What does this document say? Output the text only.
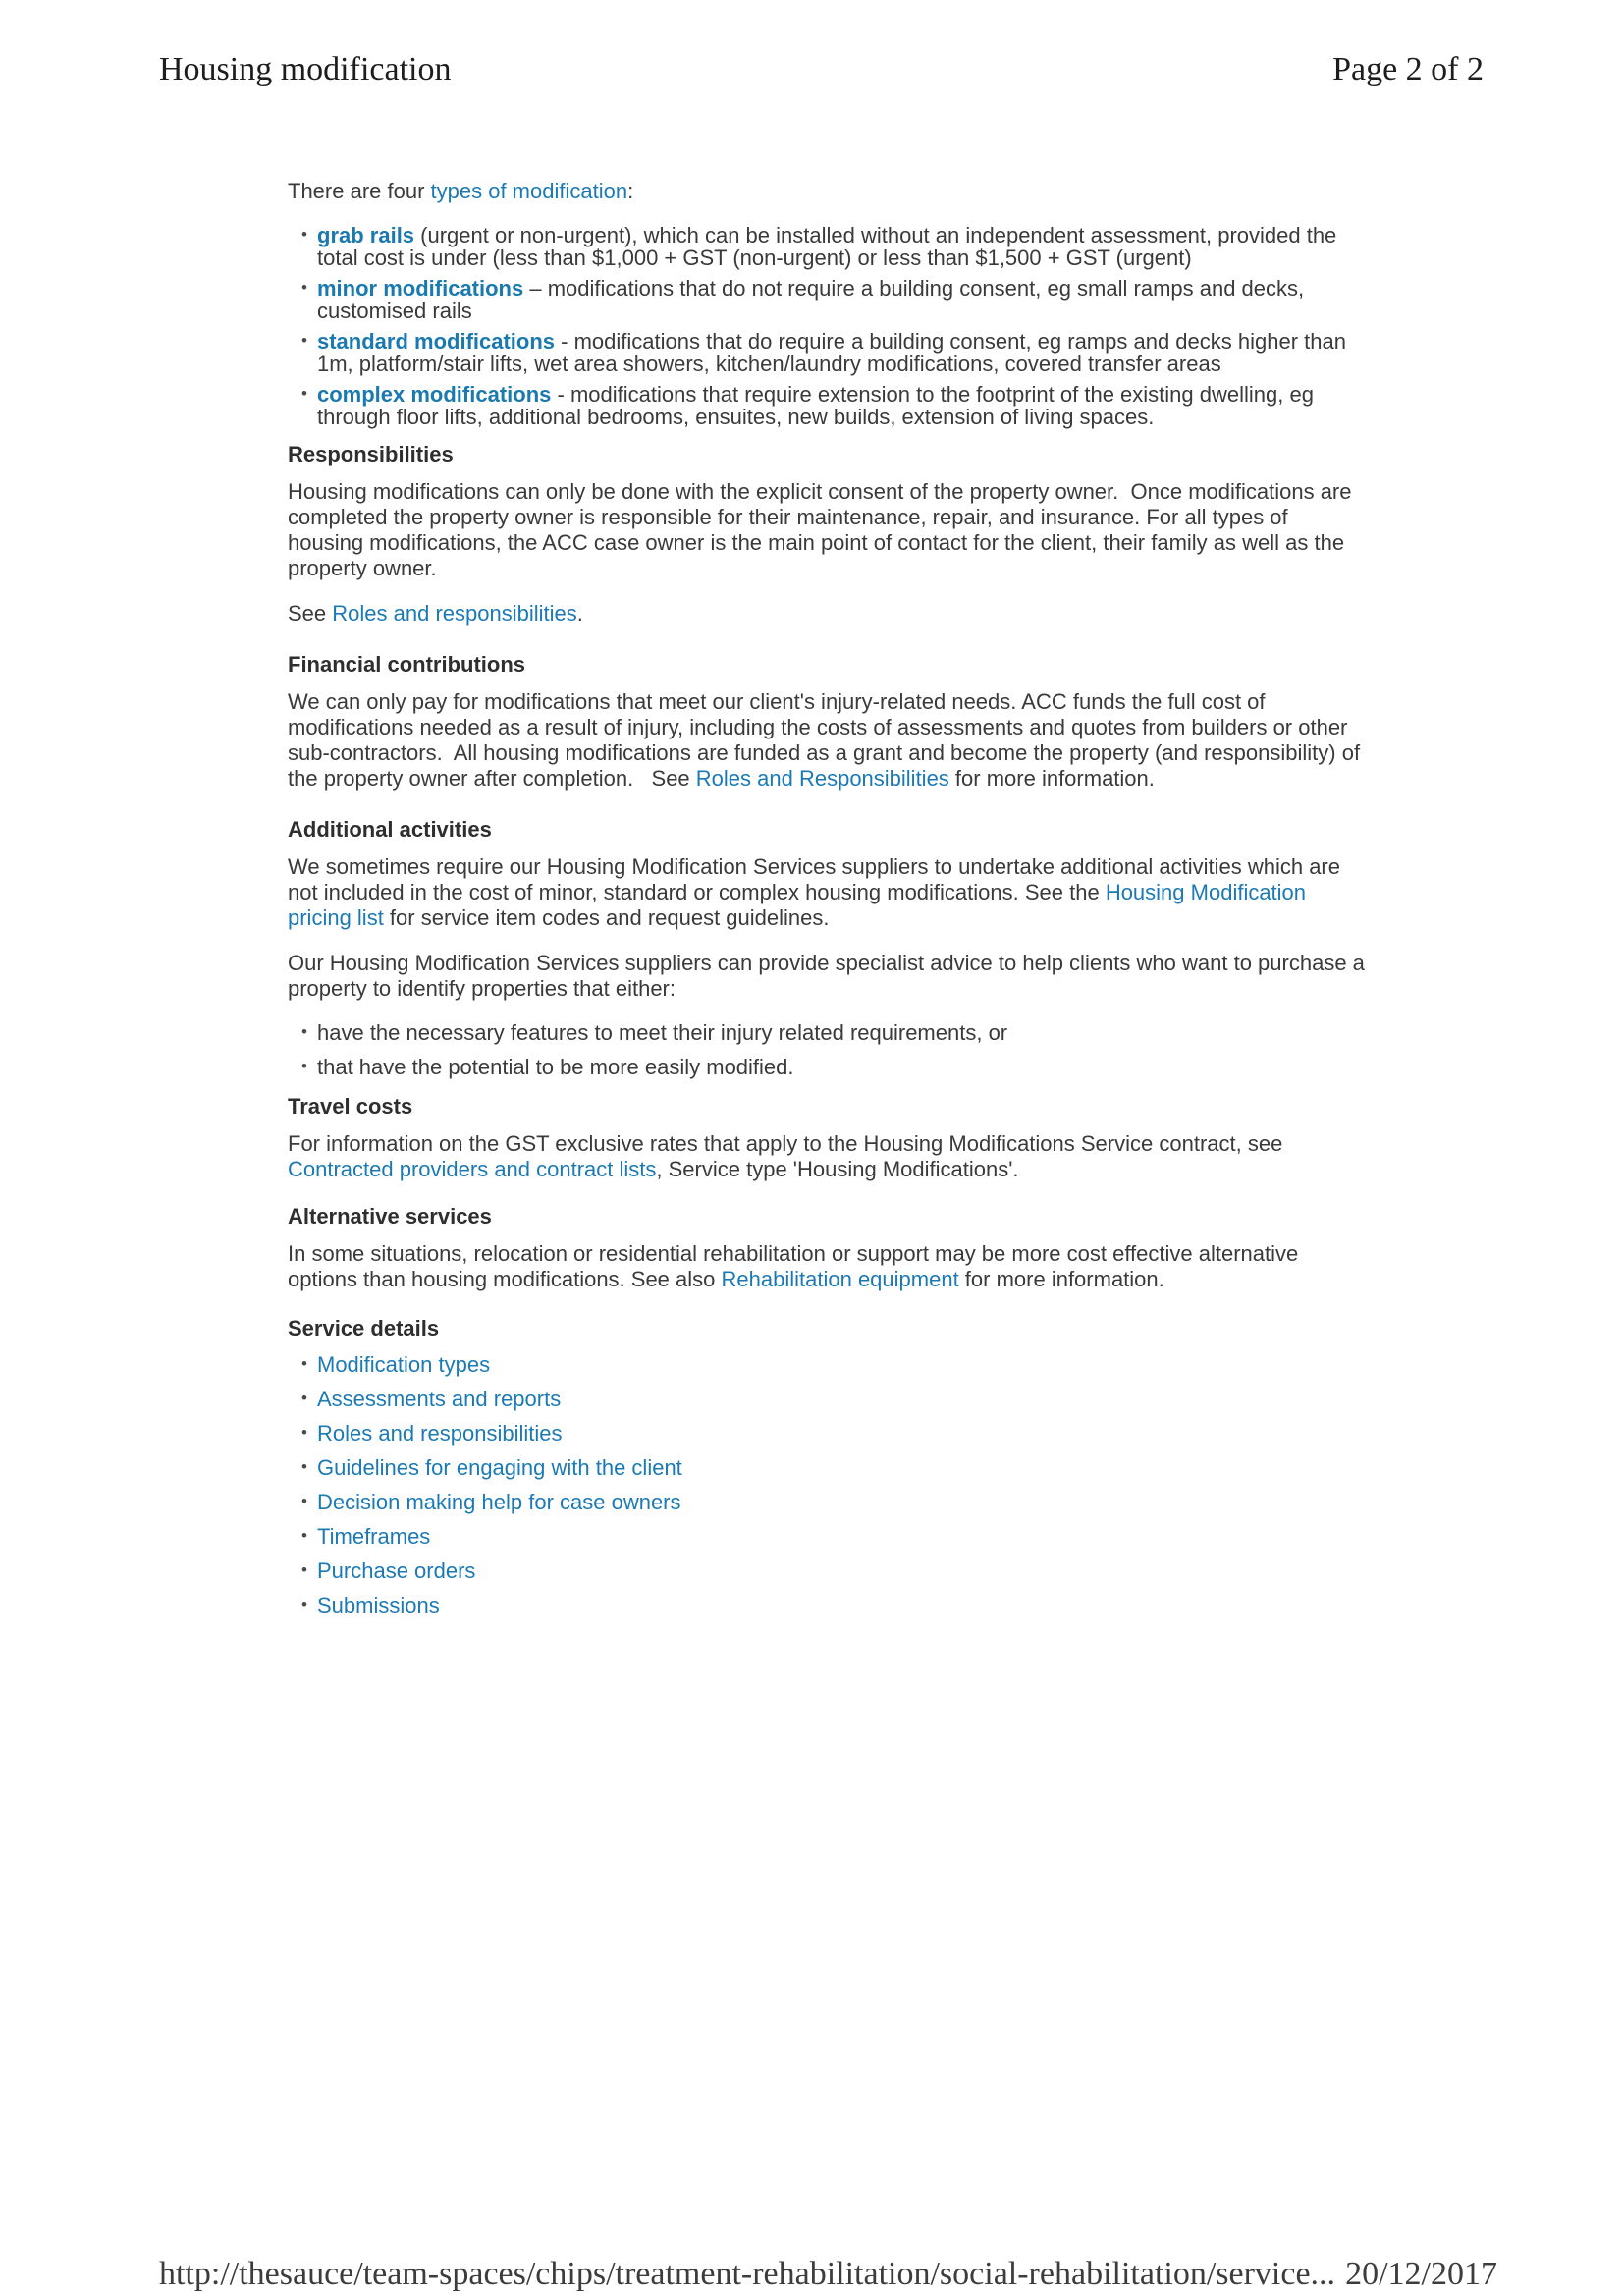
Housing modification	Page 2 of 2

There are four types of modification:

• grab rails (urgent or non-urgent), which can be installed without an independent assessment, provided the total cost is under (less than $1,000 + GST (non-urgent) or less than $1,500 + GST (urgent)
• minor modifications – modifications that do not require a building consent, eg small ramps and decks, customised rails
• standard modifications - modifications that do require a building consent, eg ramps and decks higher than 1m, platform/stair lifts, wet area showers, kitchen/laundry modifications, covered transfer areas
• complex modifications - modifications that require extension to the footprint of the existing dwelling, eg through floor lifts, additional bedrooms, ensuites, new builds, extension of living spaces.
Responsibilities

Housing modifications can only be done with the explicit consent of the property owner.  Once modifications are completed the property owner is responsible for their maintenance, repair, and insurance. For all types of housing modifications, the ACC case owner is the main point of contact for the client, their family as well as the property owner.

See Roles and responsibilities.

Financial contributions

We can only pay for modifications that meet our client's injury-related needs. ACC funds the full cost of modifications needed as a result of injury, including the costs of assessments and quotes from builders or other sub-contractors.  All housing modifications are funded as a grant and become the property (and responsibility) of the property owner after completion.   See Roles and Responsibilities for more information.

Additional activities

We sometimes require our Housing Modification Services suppliers to undertake additional activities which are not included in the cost of minor, standard or complex housing modifications. See the Housing Modification pricing list for service item codes and request guidelines.

Our Housing Modification Services suppliers can provide specialist advice to help clients who want to purchase a property to identify properties that either:

• have the necessary features to meet their injury related requirements, or
• that have the potential to be more easily modified.
Travel costs

For information on the GST exclusive rates that apply to the Housing Modifications Service contract, see Contracted providers and contract lists, Service type 'Housing Modifications'.

Alternative services

In some situations, relocation or residential rehabilitation or support may be more cost effective alternative options than housing modifications. See also Rehabilitation equipment for more information.

Service details
• Modification types
• Assessments and reports
• Roles and responsibilities
• Guidelines for engaging with the client
• Decision making help for case owners
• Timeframes
• Purchase orders
• Submissions
http://thesauce/team-spaces/chips/treatment-rehabilitation/social-rehabilitation/service... 20/12/2017
